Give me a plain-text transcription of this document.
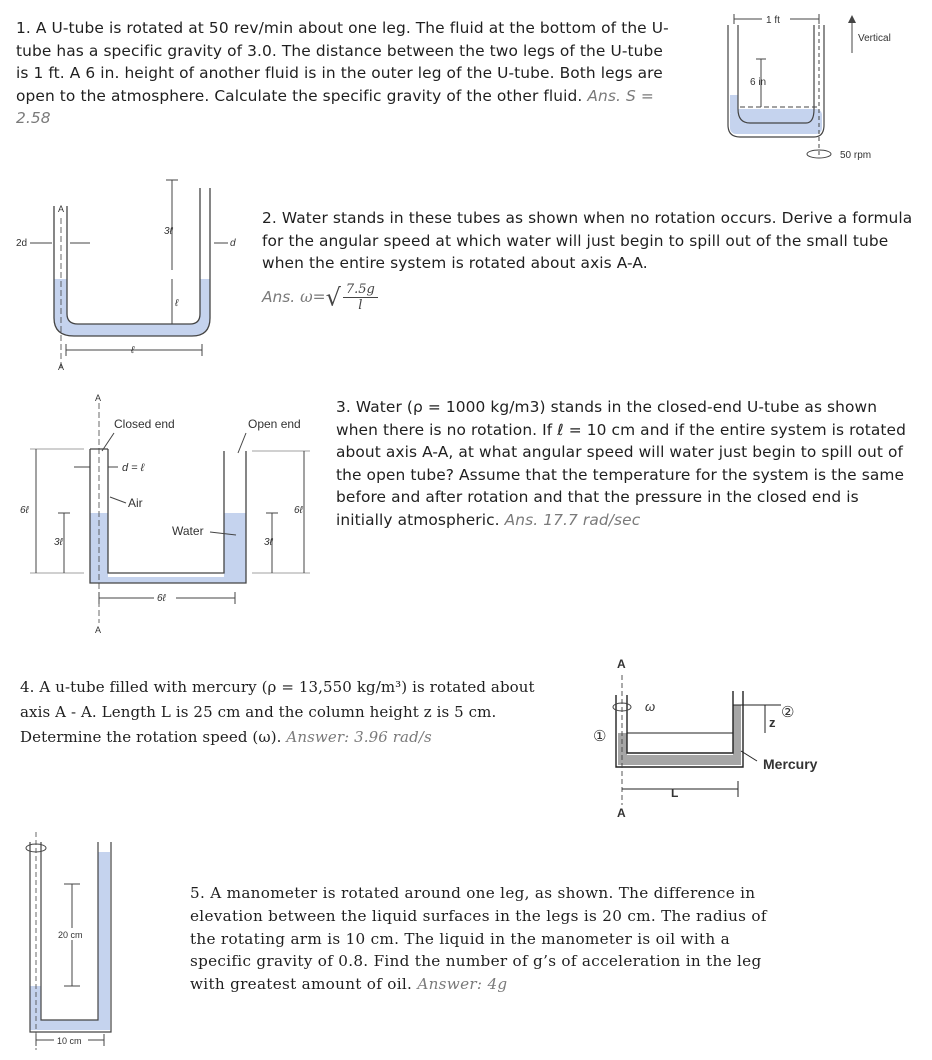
1. A U-tube is rotated at 50 rev/min about one leg. The fluid at the bottom of the U-tube has a specific gravity of 3.0. The distance between the two legs of the U-tube is 1 ft. A 6 in. height of another fluid is in the outer leg of the U-tube. Both legs are open to the atmosphere. Calculate the specific gravity of the other fluid. Ans. S = 2.58
1 ft
6 in
Vertical
50 rpm
A
A
2d	d
3ℓ
ℓ
ℓ
2. Water stands in these tubes as shown when no rotation occurs. Derive a formula for the angular speed at which water will just begin to spill out of the small tube when the entire system is rotated about axis A-A.
Ans. $\omega=√ \frac{7.5g}{l}$
A
A
Closed end	Open end
d = ℓ
Air
Water
6ℓ
3ℓ
6ℓ
3ℓ
6ℓ
3. Water (ρ = 1000 kg/m3) stands in the closed-end U-tube as shown when there is no rotation. If ℓ = 10 cm and if the entire system is rotated about axis A-A, at what angular speed will water just begin to spill out of the open tube? Assume that the temperature for the system is the same before and after rotation and that the pressure in the closed end is initially atmospheric. Ans. 17.7 rad/sec
4. A u-tube filled with mercury (ρ = 13,550 kg/m³) is rotated about axis A - A. Length L is 25 cm and the column height z is 5 cm. Determine the rotation speed (ω). Answer: 3.96 rad/s
A
A
ω
①
z
②
L
Mercury
20 cm
10 cm
5. A manometer is rotated around one leg, as shown. The difference in elevation between the liquid surfaces in the legs is 20 cm. The radius of the rotating arm is 10 cm. The liquid in the manometer is oil with a specific gravity of 0.8. Find the number of g’s of acceleration in the leg with greatest amount of oil. Answer: 4g
